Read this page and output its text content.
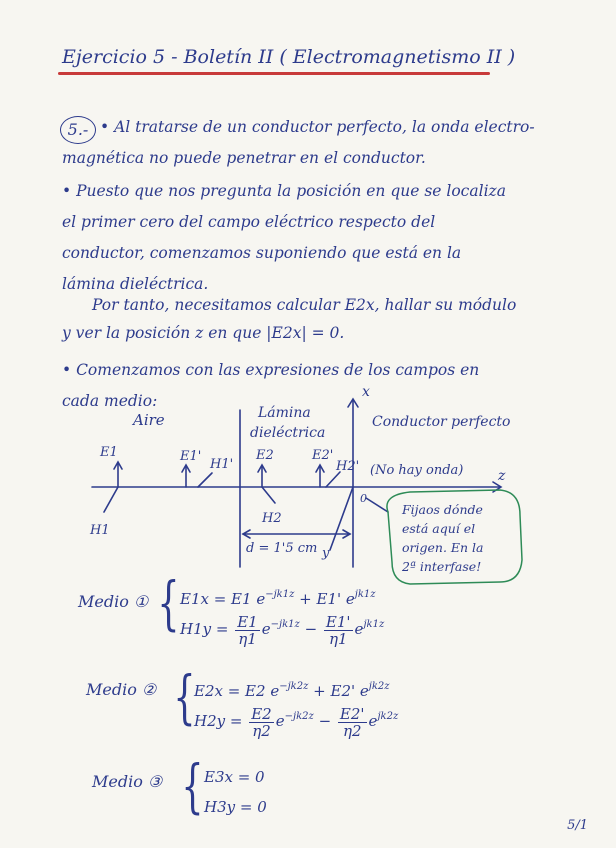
Ejercicio 5 - Boletín II ( Electromagnetismo II )
5.- • Al tratarse de un conductor perfecto, la onda electro-

magnética no puede penetrar en el conductor.

• Puesto que nos pregunta la posición en que se localiza

el primer cero del campo eléctrico respecto del

conductor, comenzamos suponiendo que está en la

lámina dieléctrica.

Por tanto, necesitamos calcular E2x, hallar su módulo

y ver la posición z en que |E2x| = 0.

• Comenzamos con las expresiones de los campos en

cada medio:

Aire	Lámina
dieléctrica
Conductor perfecto
(No hay onda)
x
z
y
0
d = 1'5 cm
E1
H1
E1'
H1'
E2
H2
E2'
H2'
Fijaos dónde
está aquí el
origen. En la
2ª interfase!
Medio ① { E1x = E1 $e^{-jk1z} + E1'$ $e^{jk1z}$
$H1y = \frac{E1}{\eta 1} e^{-jk1z} - \frac{E1'}{\eta 1} e^{jk1z}$
Medio ② {
E2x = E2 $e^{-jk2z} + E2'$ $e^{jk2z}$
$H2y = \frac{E2}{\eta 2} e^{-jk2z} - \frac{E2'}{\eta 2} e^{jk2z}$
Medio ③ { E3x = 0
H3y = 0
5/1
